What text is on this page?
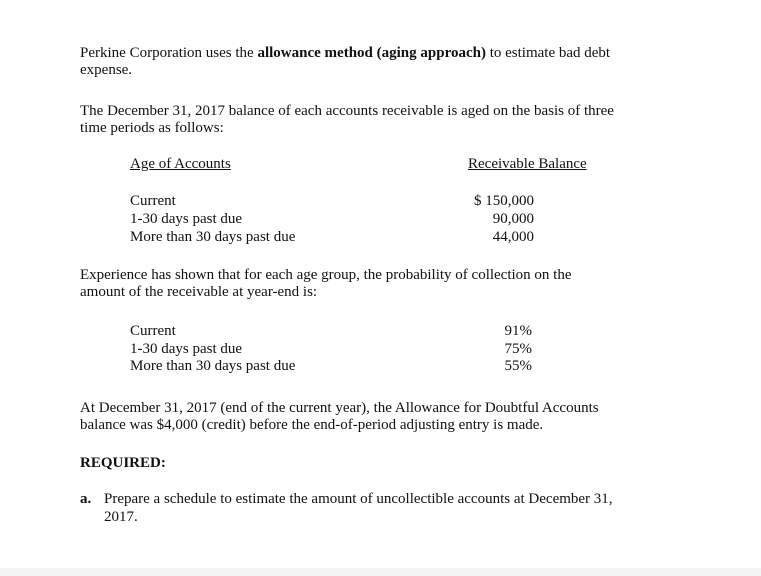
Perkine Corporation uses the allowance method (aging approach) to estimate bad debt
expense.
The December 31, 2017 balance of each accounts receivable is aged on the basis of three
time periods as follows:
Age of Accounts	Receivable Balance
Current
1-30 days past due
More than 30 days past due
$ 150,000
90,000
44,000
Experience has shown that for each age group, the probability of collection on the
amount of the receivable at year-end is:
Current
1-30 days past due
More than 30 days past due
91%
75%
55%
At December 31, 2017 (end of the current year), the Allowance for Doubtful Accounts
balance was $4,000 (credit) before the end-of-period adjusting entry is made.
REQUIRED:
a. Prepare a schedule to estimate the amount of uncollectible accounts at December 31,
2017.
